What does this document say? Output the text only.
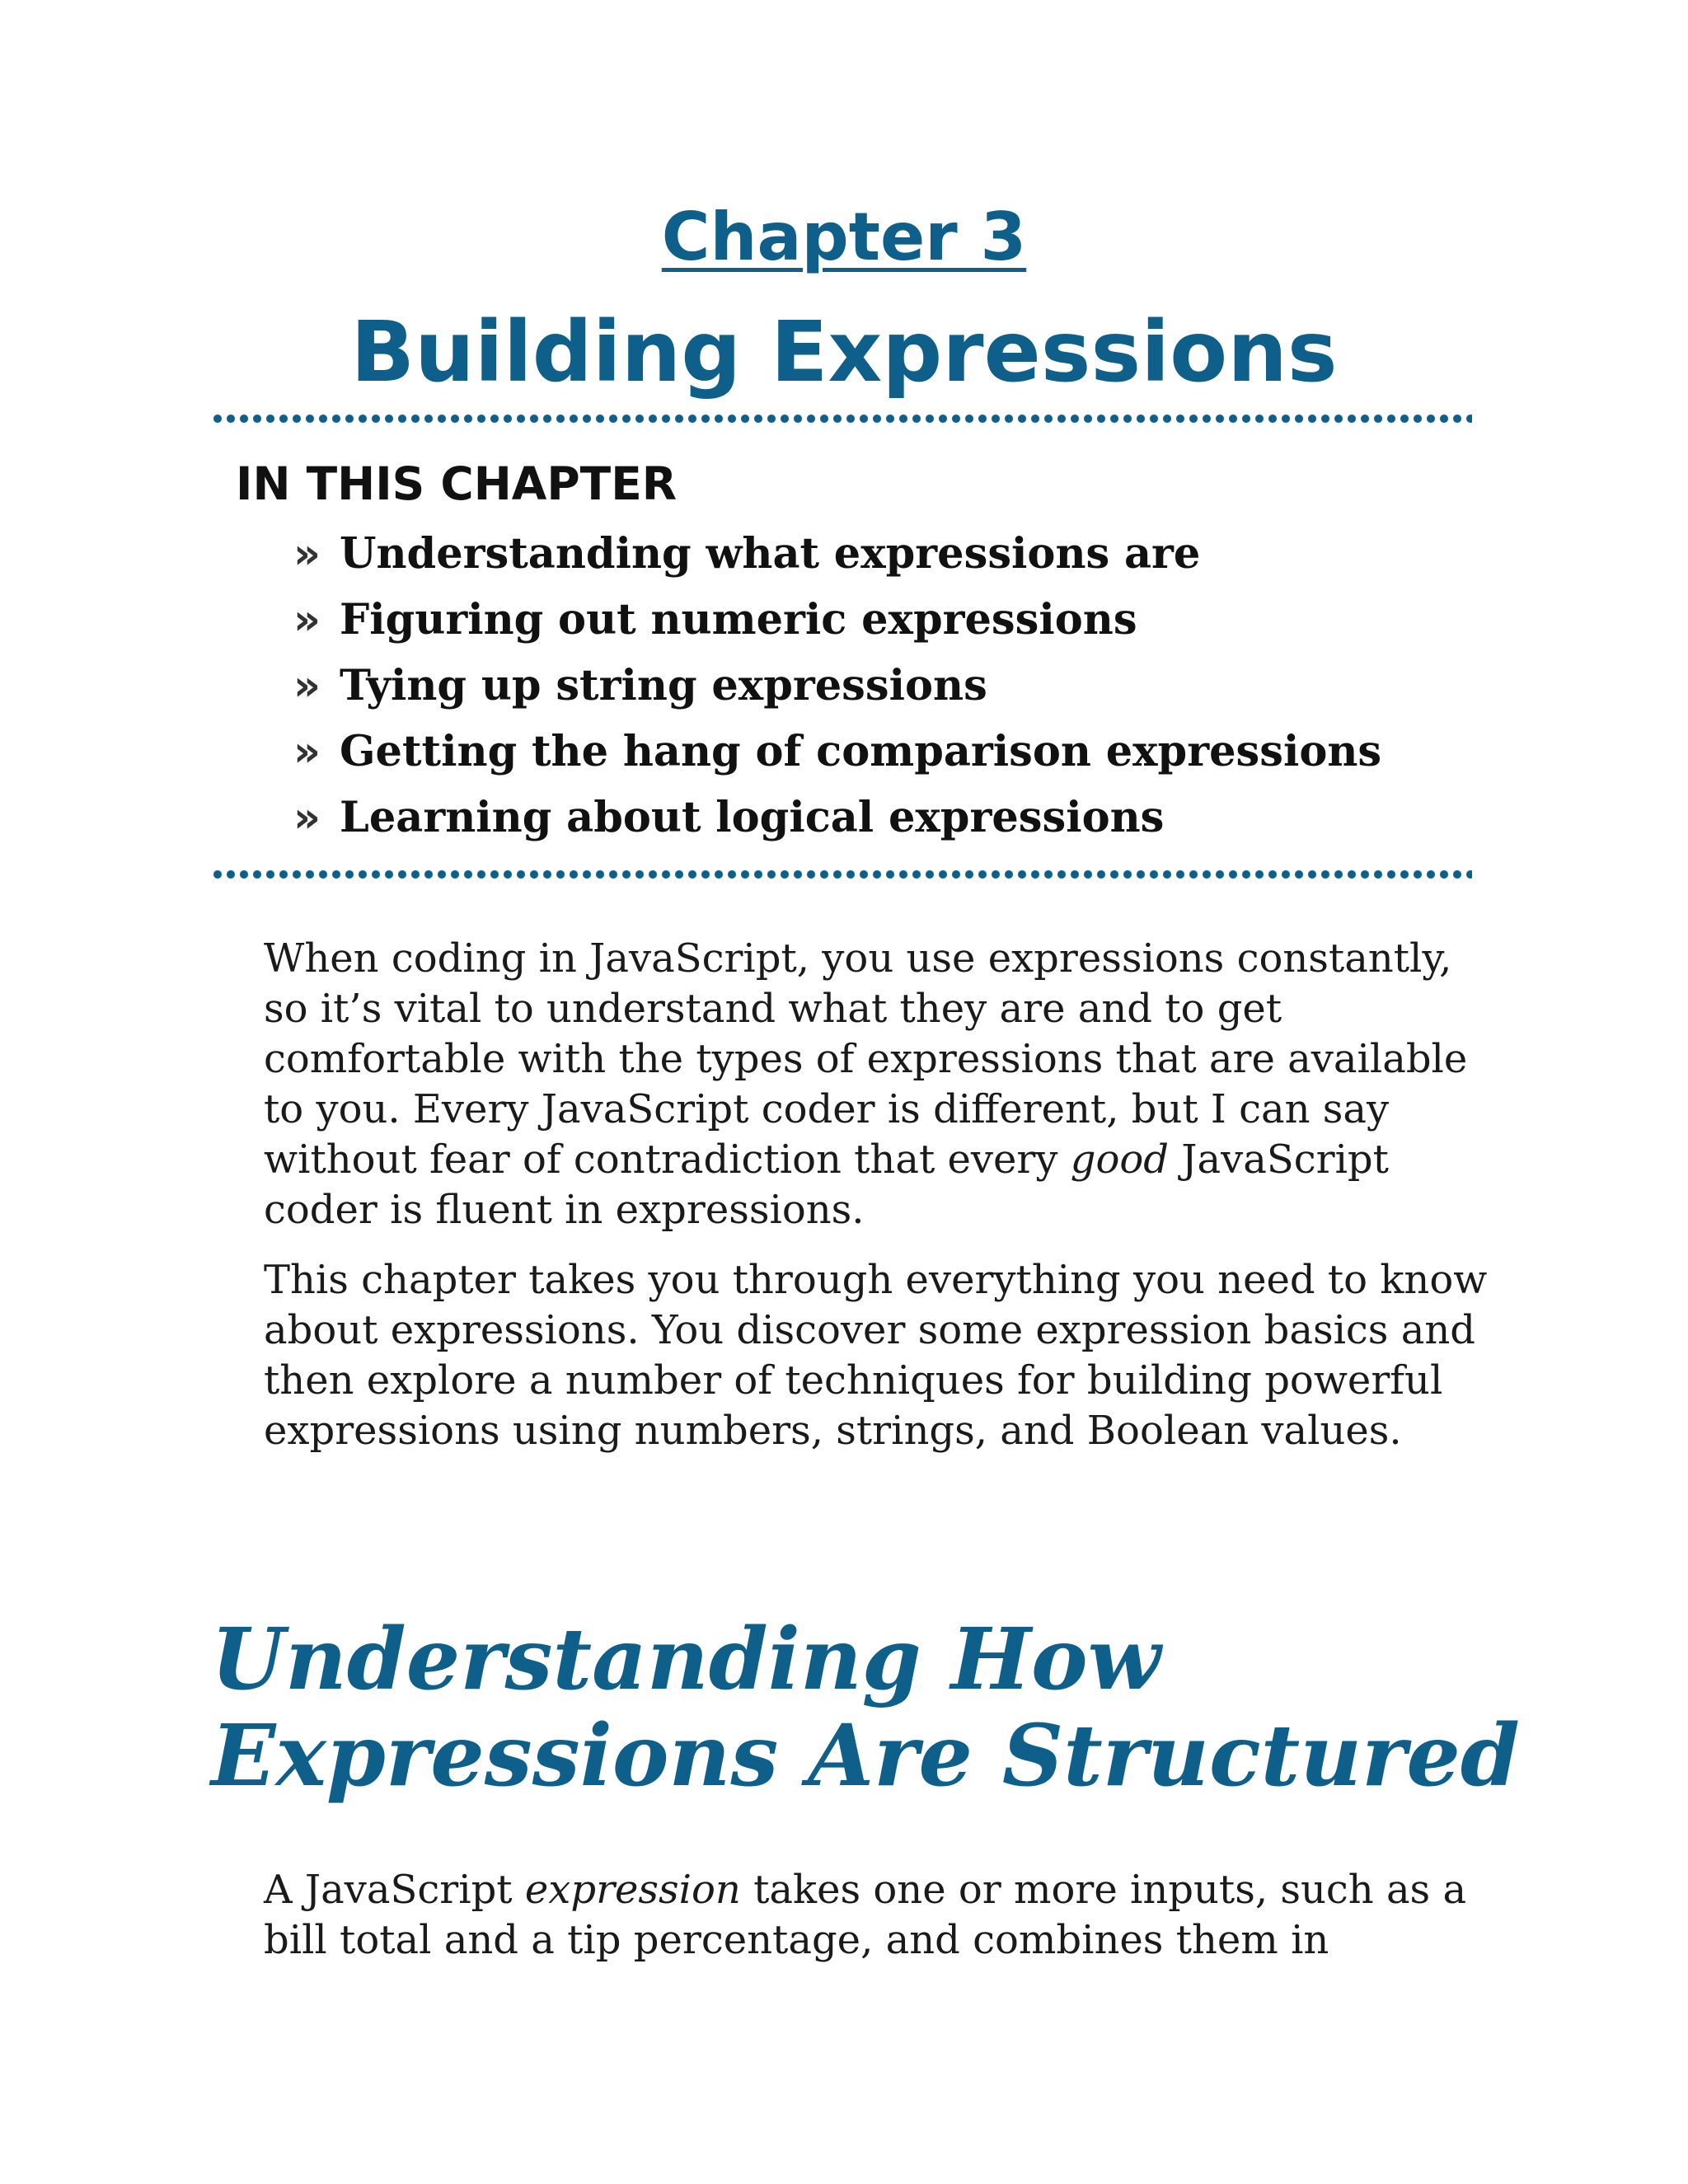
Chapter 3
Building Expressions
IN THIS CHAPTER
» Understanding what expressions are
» Figuring out numeric expressions
» Tying up string expressions
» Getting the hang of comparison expressions
» Learning about logical expressions

When coding in JavaScript, you use expressions constantly, so it’s vital to understand what they are and to get comfortable with the types of expressions that are available to you. Every JavaScript coder is different, but I can say without fear of contradiction that every good JavaScript coder is fluent in expressions.

This chapter takes you through everything you need to know about expressions. You discover some expression basics and then explore a number of techniques for building powerful expressions using numbers, strings, and Boolean values.

Understanding How Expressions Are Structured

A JavaScript expression takes one or more inputs, such as a bill total and a tip percentage, and combines them in
